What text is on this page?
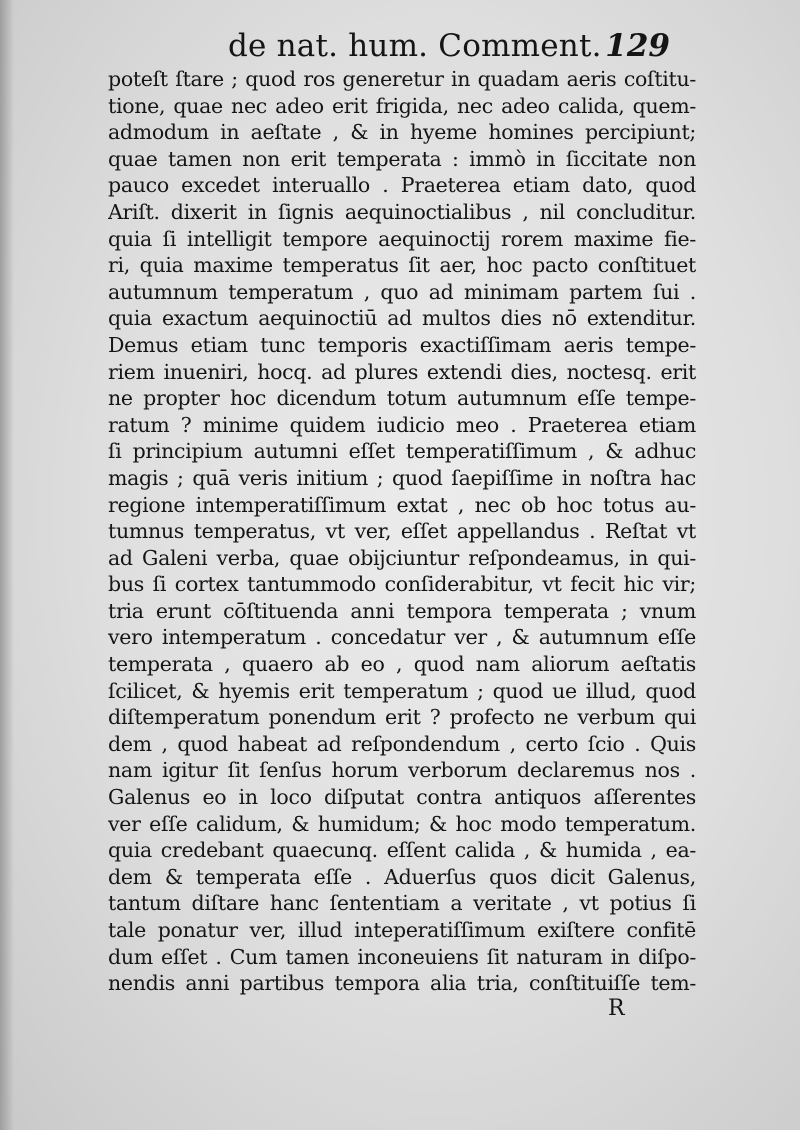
de nat. hum. Comment. 129
poteſt ſtare ; quod ros generetur in quadam aeris coſtitu-
tione, quae nec adeo erit frigida, nec adeo calida, quem-
admodum in aeſtate , & in hyeme homines percipiunt;
quae tamen non erit temperata : immò in ſiccitate non
pauco excedet interuallo . Praeterea etiam dato, quod
Ariſt. dixerit in ſignis aequinoctialibus , nil concluditur.
quia ſi intelligit tempore aequinoctij rorem maxime fie-
ri, quia maxime temperatus ſit aer, hoc pacto conſtituet
autumnum temperatum , quo ad minimam partem ſui .
quia exactum aequinoctiū ad multos dies nō extenditur.
Demus etiam tunc temporis exactiſſimam aeris tempe-
riem inueniri, hocq. ad plures extendi dies, noctesq. erit
ne propter hoc dicendum totum autumnum eſſe tempe-
ratum ? minime quidem iudicio meo . Praeterea etiam
ſi principium autumni eſſet temperatiſſimum , & adhuc
magis ; quā veris initium ; quod ſaepiſſime in noſtra hac
regione intemperatiſſimum extat , nec ob hoc totus au-
tumnus temperatus, vt ver, eſſet appellandus . Reſtat vt
ad Galeni verba, quae obijciuntur reſpondeamus, in qui-
bus ſi cortex tantummodo conſiderabitur, vt fecit hic vir;
tria erunt cōſtituenda anni tempora temperata ; vnum
vero intemperatum . concedatur ver , & autumnum eſſe
temperata , quaero ab eo , quod nam aliorum aeſtatis
ſcilicet, & hyemis erit temperatum ; quod ue illud, quod
diſtemperatum ponendum erit ? profecto ne verbum qui
dem , quod habeat ad reſpondendum , certo ſcio . Quis
nam igitur ſit ſenſus horum verborum declaremus nos .
Galenus eo in loco diſputat contra antiquos aſſerentes
ver eſſe calidum, & humidum; & hoc modo temperatum.
quia credebant quaecunq. eſſent calida , & humida , ea-
dem & temperata eſſe . Aduerſus quos dicit Galenus,
tantum diſtare hanc ſententiam a veritate , vt potius ſi
tale ponatur ver, illud inteperatiſſimum exiſtere confitē
dum eſſet . Cum tamen inconeuiens ſit naturam in diſpo-
nendis anni partibus tempora alia tria, conſtituiſſe tem-
R
